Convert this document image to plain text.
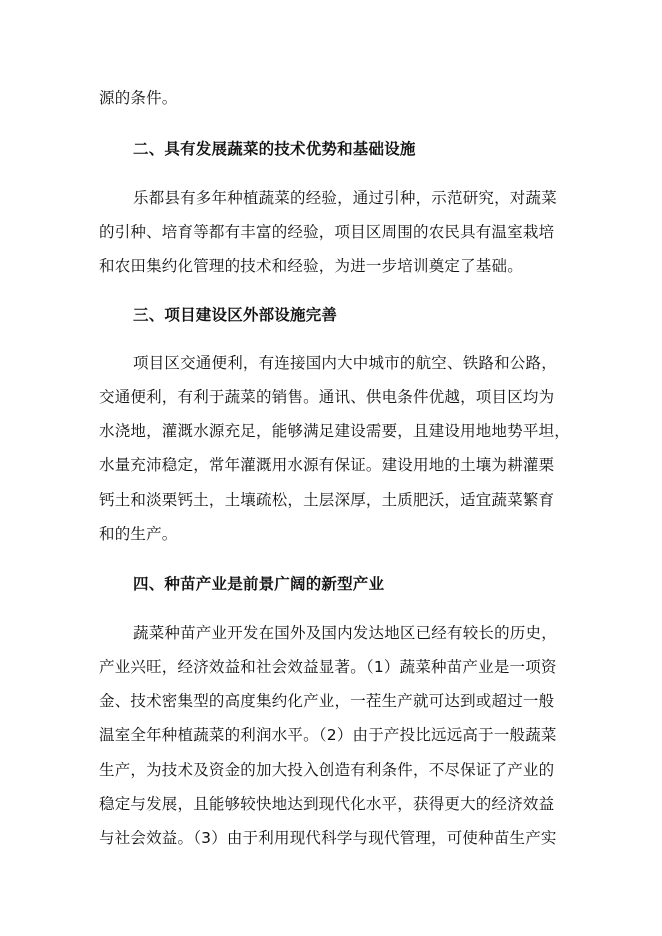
源的条件。
二、具有发展蔬菜的技术优势和基础设施
乐都县有多年种植蔬菜的经验，通过引种，示范研究，对蔬菜
的引种、培育等都有丰富的经验，项目区周围的农民具有温室栽培
和农田集约化管理的技术和经验，为进一步培训奠定了基础。
三、项目建设区外部设施完善
项目区交通便利，有连接国内大中城市的航空、铁路和公路，
交通便利，有利于蔬菜的销售。通讯、供电条件优越，项目区均为
水浇地，灌溉水源充足，能够满足建设需要，且建设用地地势平坦，
水量充沛稳定，常年灌溉用水源有保证。建设用地的土壤为耕灌栗
钙土和淡栗钙土，土壤疏松，土层深厚，土质肥沃，适宜蔬菜繁育
和的生产。
四、种苗产业是前景广阔的新型产业
蔬菜种苗产业开发在国外及国内发达地区已经有较长的历史，
产业兴旺，经济效益和社会效益显著。（1）蔬菜种苗产业是一项资
金、技术密集型的高度集约化产业，一茬生产就可达到或超过一般
温室全年种植蔬菜的利润水平。（2）由于产投比远远高于一般蔬菜
生产，为技术及资金的加大投入创造有利条件，不尽保证了产业的
稳定与发展，且能够较快地达到现代化水平，获得更大的经济效益
与社会效益。（3）由于利用现代科学与现代管理，可使种苗生产实
